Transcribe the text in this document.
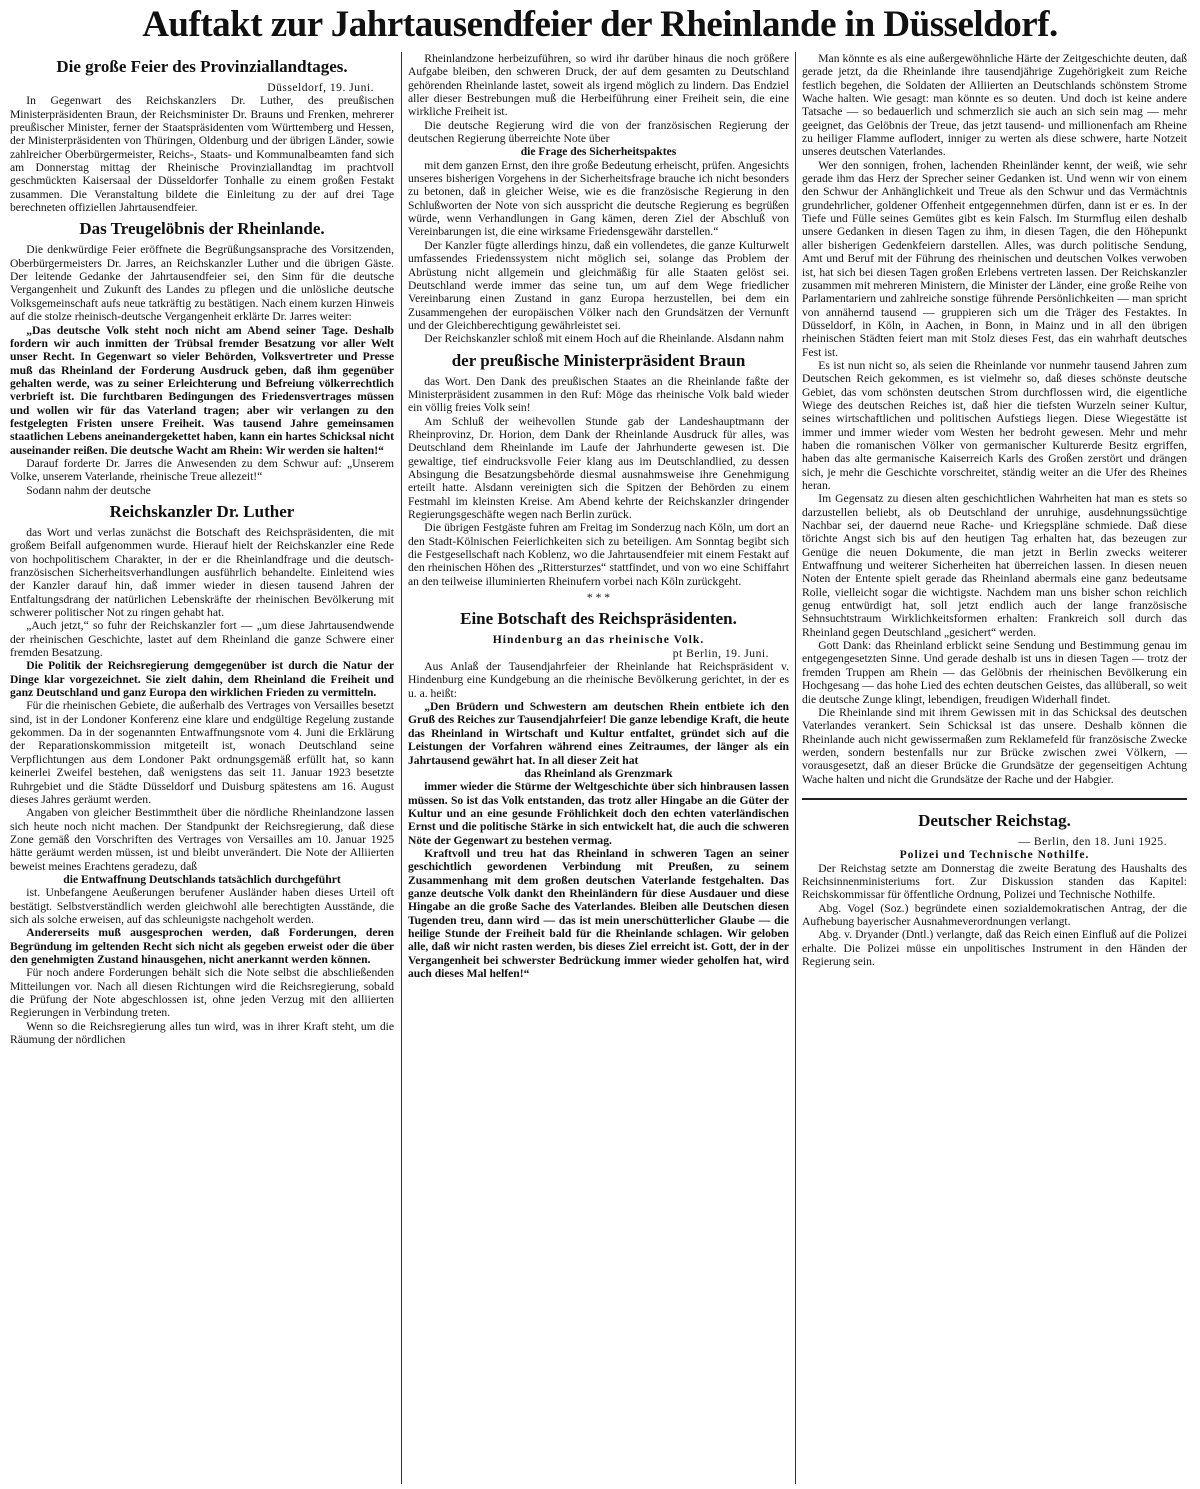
Auftakt zur Jahrtausendfeier der Rheinlande in Düsseldorf.

Die große Feier des Provinziallandtages.

Düsseldorf, 19. Juni.

In Gegenwart des Reichskanzlers Dr. Luther, des preußischen Ministerpräsidenten Braun, der Reichsminister Dr. Brauns und Frenken, mehrerer preußischer Minister, ferner der Staatspräsidenten vom Württemberg und Hessen, der Ministerpräsidenten von Thüringen, Oldenburg und der übrigen Länder, sowie zahlreicher Oberbürgermeister, Reichs-, Staats- und Kommunalbeamten fand sich am Donnerstag mittag der Rheinische Provinziallandtag im prachtvoll geschmückten Kaisersaal der Düsseldorfer Tonhalle zu einem großen Festakt zusammen. Die Veranstaltung bildete die Einleitung zu der auf drei Tage berechneten offiziellen Jahrtausendfeier.

Das Treugelöbnis der Rheinlande.

Die denkwürdige Feier eröffnete die Begrüßungsansprache des Vorsitzenden, Oberbürgermeisters Dr. Jarres, an Reichskanzler Luther und die übrigen Gäste. Der leitende Gedanke der Jahrtausendfeier sei, den Sinn für die deutsche Vergangenheit und Zukunft des Landes zu pflegen und die unlösliche deutsche Volksgemeinschaft aufs neue tatkräftig zu bestätigen. Nach einem kurzen Hinweis auf die stolze rheinisch-deutsche Vergangenheit erklärte Dr. Jarres weiter:

„Das deutsche Volk steht noch nicht am Abend seiner Tage. Deshalb fordern wir auch inmitten der Trübsal fremder Besatzung vor aller Welt unser Recht. In Gegenwart so vieler Behörden, Volksvertreter und Presse muß das Rheinland der Forderung Ausdruck geben, daß ihm gegenüber gehalten werde, was zu seiner Erleichterung und Befreiung völkerrechtlich verbrieft ist. Die furchtbaren Bedingungen des Friedensvertrages müssen und wollen wir für das Vaterland tragen; aber wir verlangen zu den festgelegten Fristen unsere Freiheit. Was tausend Jahre gemeinsamen staatlichen Lebens aneinandergekettet haben, kann ein hartes Schicksal nicht auseinander reißen. Die deutsche Wacht am Rhein: Wir werden sie halten!“

Darauf forderte Dr. Jarres die Anwesenden zu dem Schwur auf: „Unserem Volke, unserem Vaterlande, rheinische Treue allezeit!“

Sodann nahm der deutsche

Reichskanzler Dr. Luther

das Wort und verlas zunächst die Botschaft des Reichspräsidenten, die mit großem Beifall aufgenommen wurde. Hierauf hielt der Reichskanzler eine Rede von hochpolitischem Charakter, in der er die Rheinlandfrage und die deutsch-französischen Sicherheitsverhandlungen ausführlich behandelte. Einleitend wies der Kanzler darauf hin, daß immer wieder in diesen tausend Jahren der Entfaltungsdrang der natürlichen Lebenskräfte der rheinischen Bevölkerung mit schwerer politischer Not zu ringen gehabt hat.

„Auch jetzt,“ so fuhr der Reichskanzler fort — „um diese Jahrtausendwende der rheinischen Geschichte, lastet auf dem Rheinland die ganze Schwere einer fremden Besatzung.

Die Politik der Reichsregierung demgegenüber ist durch die Natur der Dinge klar vorgezeichnet. Sie zielt dahin, dem Rheinland die Freiheit und ganz Deutschland und ganz Europa den wirklichen Frieden zu vermitteln.

Für die rheinischen Gebiete, die außerhalb des Vertrages von Versailles besetzt sind, ist in der Londoner Konferenz eine klare und endgültige Regelung zustande gekommen. Da in der sogenannten Entwaffnungsnote vom 4. Juni die Erklärung der Reparationskommission mitgeteilt ist, wonach Deutschland seine Verpflichtungen aus dem Londoner Pakt ordnungsgemäß erfüllt hat, so kann keinerlei Zweifel bestehen, daß wenigstens das seit 11. Januar 1923 besetzte Ruhrgebiet und die Städte Düsseldorf und Duisburg spätestens am 16. August dieses Jahres geräumt werden.

Angaben von gleicher Bestimmtheit über die nördliche Rheinlandzone lassen sich heute noch nicht machen. Der Standpunkt der Reichsregierung, daß diese Zone gemäß den Vorschriften des Vertrages von Versailles am 10. Januar 1925 hätte geräumt werden müssen, ist und bleibt unverändert. Die Note der Alliierten beweist meines Erachtens geradezu, daß

die Entwaffnung Deutschlands tatsächlich durchgeführt

ist. Unbefangene Aeußerungen berufener Ausländer haben dieses Urteil oft bestätigt. Selbstverständlich werden gleichwohl alle berechtigten Ausstände, die sich als solche erweisen, auf das schleunigste nachgeholt werden.

Andererseits muß ausgesprochen werden, daß Forderungen, deren Begründung im geltenden Recht sich nicht als gegeben erweist oder die über den genehmigten Zustand hinausgehen, nicht anerkannt werden können.

Für noch andere Forderungen behält sich die Note selbst die abschließenden Mitteilungen vor. Nach all diesen Richtungen wird die Reichsregierung, sobald die Prüfung der Note abgeschlossen ist, ohne jeden Verzug mit den alliierten Regierungen in Verbindung treten.

Wenn so die Reichsregierung alles tun wird, was in ihrer Kraft steht, um die Räumung der nördlichen

Rheinlandzone herbeizuführen, so wird ihr darüber hinaus die noch größere Aufgabe bleiben, den schweren Druck, der auf dem gesamten zu Deutschland gehörenden Rheinlande lastet, soweit als irgend möglich zu lindern. Das Endziel aller dieser Bestrebungen muß die Herbeiführung einer Freiheit sein, die eine wirkliche Freiheit ist.

Die deutsche Regierung wird die von der französischen Regierung der deutschen Regierung überreichte Note über

die Frage des Sicherheitspaktes

mit dem ganzen Ernst, den ihre große Bedeutung erheischt, prüfen. Angesichts unseres bisherigen Vorgehens in der Sicherheitsfrage brauche ich nicht besonders zu betonen, daß in gleicher Weise, wie es die französische Regierung in den Schlußworten der Note von sich ausspricht die deutsche Regierung es begrüßen würde, wenn Verhandlungen in Gang kämen, deren Ziel der Abschluß von Vereinbarungen ist, die eine wirksame Friedensgewähr darstellen.“

Der Kanzler fügte allerdings hinzu, daß ein vollendetes, die ganze Kulturwelt umfassendes Friedenssystem nicht möglich sei, solange das Problem der Abrüstung nicht allgemein und gleichmäßig für alle Staaten gelöst sei. Deutschland werde immer das seine tun, um auf dem Wege friedlicher Vereinbarung einen Zustand in ganz Europa herzustellen, bei dem ein Zusammengehen der europäischen Völker nach den Grundsätzen der Vernunft und der Gleichberechtigung gewährleistet sei.

Der Reichskanzler schloß mit einem Hoch auf die Rheinlande. Alsdann nahm

der preußische Ministerpräsident Braun

das Wort. Den Dank des preußischen Staates an die Rheinlande faßte der Ministerpräsident zusammen in den Ruf: Möge das rheinische Volk bald wieder ein völlig freies Volk sein!

Am Schluß der weihevollen Stunde gab der Landeshauptmann der Rheinprovinz, Dr. Horion, dem Dank der Rheinlande Ausdruck für alles, was Deutschland dem Rheinlande im Laufe der Jahrhunderte gewesen ist. Die gewaltige, tief eindrucksvolle Feier klang aus im Deutschlandlied, zu dessen Absingung die Besatzungsbehörde diesmal ausnahmsweise ihre Genehmigung erteilt hatte. Alsdann vereinigten sich die Spitzen der Behörden zu einem Festmahl im kleinsten Kreise. Am Abend kehrte der Reichskanzler dringender Regierungsgeschäfte wegen nach Berlin zurück.

Die übrigen Festgäste fuhren am Freitag im Sonderzug nach Köln, um dort an den Stadt-Kölnischen Feierlichkeiten sich zu beteiligen. Am Sonntag begibt sich die Festgesellschaft nach Koblenz, wo die Jahrtausendfeier mit einem Festakt auf den rheinischen Höhen des „Rittersturzes“ stattfindet, und von wo eine Schiffahrt an den teilweise illuminierten Rheinufern vorbei nach Köln zurückgeht.

* * *

Eine Botschaft des Reichspräsidenten.

Hindenburg an das rheinische Volk.

pt Berlin, 19. Juni.

Aus Anlaß der Tausendjahrfeier der Rheinlande hat Reichspräsident v. Hindenburg eine Kundgebung an die rheinische Bevölkerung gerichtet, in der es u. a. heißt:

„Den Brüdern und Schwestern am deutschen Rhein entbiete ich den Gruß des Reiches zur Tausendjahrfeier! Die ganze lebendige Kraft, die heute das Rheinland in Wirtschaft und Kultur entfaltet, gründet sich auf die Leistungen der Vorfahren während eines Zeitraumes, der länger als ein Jahrtausend gewährt hat. In all dieser Zeit hat

das Rheinland als Grenzmark

immer wieder die Stürme der Weltgeschichte über sich hinbrausen lassen müssen. So ist das Volk entstanden, das trotz aller Hingabe an die Güter der Kultur und an eine gesunde Fröhlichkeit doch den echten vaterländischen Ernst und die politische Stärke in sich entwickelt hat, die auch die schweren Nöte der Gegenwart zu bestehen vermag.

Kraftvoll und treu hat das Rheinland in schweren Tagen an seiner geschichtlich gewordenen Verbindung mit Preußen, zu seinem Zusammenhang mit dem großen deutschen Vaterlande festgehalten. Das ganze deutsche Volk dankt den Rheinländern für diese Ausdauer und diese Hingabe an die große Sache des Vaterlandes. Bleiben alle Deutschen diesen Tugenden treu, dann wird — das ist mein unerschütterlicher Glaube — die heilige Stunde der Freiheit bald für die Rheinlande schlagen. Wir geloben alle, daß wir nicht rasten werden, bis dieses Ziel erreicht ist. Gott, der in der Vergangenheit bei schwerster Bedrückung immer wieder geholfen hat, wird auch dieses Mal helfen!“

Man könnte es als eine außergewöhnliche Härte der Zeitgeschichte deuten, daß gerade jetzt, da die Rheinlande ihre tausendjährige Zugehörigkeit zum Reiche festlich begehen, die Soldaten der Alliierten an Deutschlands schönstem Strome Wache halten. Wie gesagt: man könnte es so deuten. Und doch ist keine andere Tatsache — so bedauerlich und schmerzlich sie auch an sich sein mag — mehr geeignet, das Gelöbnis der Treue, das jetzt tausend- und millionenfach am Rheine zu heiliger Flamme auflodert, inniger zu werten als diese schwere, harte Notzeit unseres deutschen Vaterlandes.

Wer den sonnigen, frohen, lachenden Rheinländer kennt, der weiß, wie sehr gerade ihm das Herz der Sprecher seiner Gedanken ist. Und wenn wir von einem den Schwur der Anhänglichkeit und Treue als den Schwur und das Vermächtnis grundehrlicher, goldener Offenheit entgegennehmen dürfen, dann ist er es. In der Tiefe und Fülle seines Gemütes gibt es kein Falsch. Im Sturmflug eilen deshalb unsere Gedanken in diesen Tagen zu ihm, in diesen Tagen, die den Höhepunkt aller bisherigen Gedenkfeiern darstellen. Alles, was durch politische Sendung, Amt und Beruf mit der Führung des rheinischen und deutschen Volkes verwoben ist, hat sich bei diesen Tagen großen Erlebens vertreten lassen. Der Reichskanzler zusammen mit mehreren Ministern, die Minister der Länder, eine große Reihe von Parlamentariern und zahlreiche sonstige führende Persönlichkeiten — man spricht von annähernd tausend — gruppieren sich um die Träger des Festaktes. In Düsseldorf, in Köln, in Aachen, in Bonn, in Mainz und in all den übrigen rheinischen Städten feiert man mit Stolz dieses Fest, das ein wahrhaft deutsches Fest ist.

Es ist nun nicht so, als seien die Rheinlande vor nunmehr tausend Jahren zum Deutschen Reich gekommen, es ist vielmehr so, daß dieses schönste deutsche Gebiet, das vom schönsten deutschen Strom durchflossen wird, die eigentliche Wiege des deutschen Reiches ist, daß hier die tiefsten Wurzeln seiner Kultur, seines wirtschaftlichen und politischen Aufstiegs liegen. Diese Wiegestätte ist immer und immer wieder vom Westen her bedroht gewesen. Mehr und mehr haben die romanischen Völker von germanischer Kulturerde Besitz ergriffen, haben das alte germanische Kaiserreich Karls des Großen zerstört und drängen sich, je mehr die Geschichte vorschreitet, ständig weiter an die Ufer des Rheines heran.

Im Gegensatz zu diesen alten geschichtlichen Wahrheiten hat man es stets so darzustellen beliebt, als ob Deutschland der unruhige, ausdehnungssüchtige Nachbar sei, der dauernd neue Rache- und Kriegspläne schmiede. Daß diese törichte Angst sich bis auf den heutigen Tag erhalten hat, das bezeugen zur Genüge die neuen Dokumente, die man jetzt in Berlin zwecks weiterer Entwaffnung und weiterer Sicherheiten hat überreichen lassen. In diesen neuen Noten der Entente spielt gerade das Rheinland abermals eine ganz bedeutsame Rolle, vielleicht sogar die wichtigste. Nachdem man uns bisher schon reichlich genug entwürdigt hat, soll jetzt endlich auch der lange französische Sehnsuchtstraum Wirklichkeitsformen erhalten: Frankreich soll durch das Rheinland gegen Deutschland „gesichert“ werden.

Gott Dank: das Rheinland erblickt seine Sendung und Bestimmung genau im entgegengesetzten Sinne. Und gerade deshalb ist uns in diesen Tagen — trotz der fremden Truppen am Rhein — das Gelöbnis der rheinischen Bevölkerung ein Hochgesang — das hohe Lied des echten deutschen Geistes, das allüberall, so weit die deutsche Zunge klingt, lebendigen, freudigen Widerhall findet.

Die Rheinlande sind mit ihrem Gewissen mit in das Schicksal des deutschen Vaterlandes verankert. Sein Schicksal ist das unsere. Deshalb können die Rheinlande auch nicht gewissermaßen zum Reklamefeld für französische Zwecke werden, sondern bestenfalls nur zur Brücke zwischen zwei Völkern, — vorausgesetzt, daß an dieser Brücke die Grundsätze der gegenseitigen Achtung Wache halten und nicht die Grundsätze der Rache und der Habgier.

Deutscher Reichstag.

— Berlin, den 18. Juni 1925.

Polizei und Technische Nothilfe.

Der Reichstag setzte am Donnerstag die zweite Beratung des Haushalts des Reichsinnenministeriums fort. Zur Diskussion standen das Kapitel: Reichskommissar für öffentliche Ordnung, Polizei und Technische Nothilfe.

Abg. Vogel (Soz.) begründete einen sozialdemokratischen Antrag, der die Aufhebung bayerischer Ausnahmeverordnungen verlangt.

Abg. v. Dryander (Dntl.) verlangte, daß das Reich einen Einfluß auf die Polizei erhalte. Die Polizei müsse ein unpolitisches Instrument in den Händen der Regierung sein.
